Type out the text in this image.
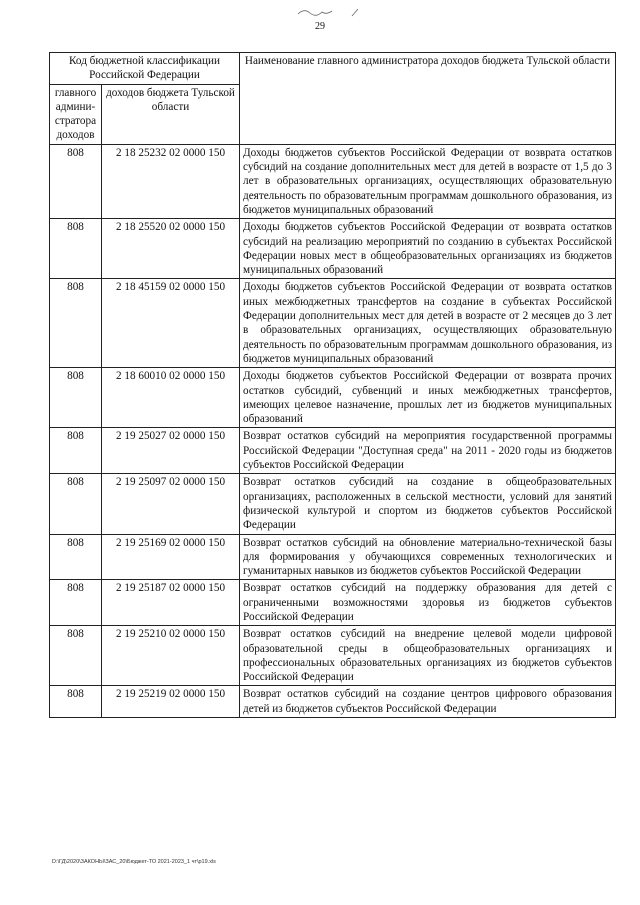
29
Код бюджетной классификации Российской Федерации		Наименование главного администратора доходов бюджета Тульской области
главного админи-стратора доходов	доходов бюджета Тульской области	
808	2 18 25232 02 0000 150	Доходы бюджетов субъектов Российской Федерации от возврата остатков субсидий на создание дополнительных мест для детей в возрасте от 1,5 до 3 лет в образовательных организациях, осуществляющих образовательную деятельность по образовательным программам дошкольного образования, из бюджетов муниципальных образований
808	2 18 25520 02 0000 150	Доходы бюджетов субъектов Российской Федерации от возврата остатков субсидий на реализацию мероприятий по созданию в субъектах Российской Федерации новых мест в общеобразовательных организациях из бюджетов муниципальных образований
808	2 18 45159 02 0000 150	Доходы бюджетов субъектов Российской Федерации от возврата остатков иных межбюджетных трансфертов на создание в субъектах Российской Федерации дополнительных мест для детей в возрасте от 2 месяцев до 3 лет в образовательных организациях, осуществляющих образовательную деятельность по образовательным программам дошкольного образования, из бюджетов муниципальных образований
808	2 18 60010 02 0000 150	Доходы бюджетов субъектов Российской Федерации от возврата прочих остатков субсидий, субвенций и иных межбюджетных трансфертов, имеющих целевое назначение, прошлых лет из бюджетов муниципальных образований
808	2 19 25027 02 0000 150	Возврат остатков субсидий на мероприятия государственной программы Российской Федерации "Доступная среда" на 2011 - 2020 годы из бюджетов субъектов Российской Федерации
808	2 19 25097 02 0000 150	Возврат остатков субсидий на создание в общеобразовательных организациях, расположенных в сельской местности, условий для занятий физической культурой и спортом из бюджетов субъектов Российской Федерации
808	2 19 25169 02 0000 150	Возврат остатков субсидий на обновление материально-технической базы для формирования у обучающихся современных технологических и гуманитарных навыков из бюджетов субъектов Российской Федерации
808	2 19 25187 02 0000 150	Возврат остатков субсидий на поддержку образования для детей с ограниченными возможностями здоровья из бюджетов субъектов Российской Федерации
808	2 19 25210 02 0000 150	Возврат остатков субсидий на внедрение целевой модели цифровой образовательной среды в общеобразовательных организациях и профессиональных образовательных организациях из бюджетов субъектов Российской Федерации
808	2 19 25219 02 0000 150	Возврат остатков субсидий на создание центров цифрового образования детей из бюджетов субъектов Российской Федерации
D:\ГД\2020\ЗАКОНЫ\ЗАС_20\Бюджет-ТО 2021-2023_1 чт\p19.xls
